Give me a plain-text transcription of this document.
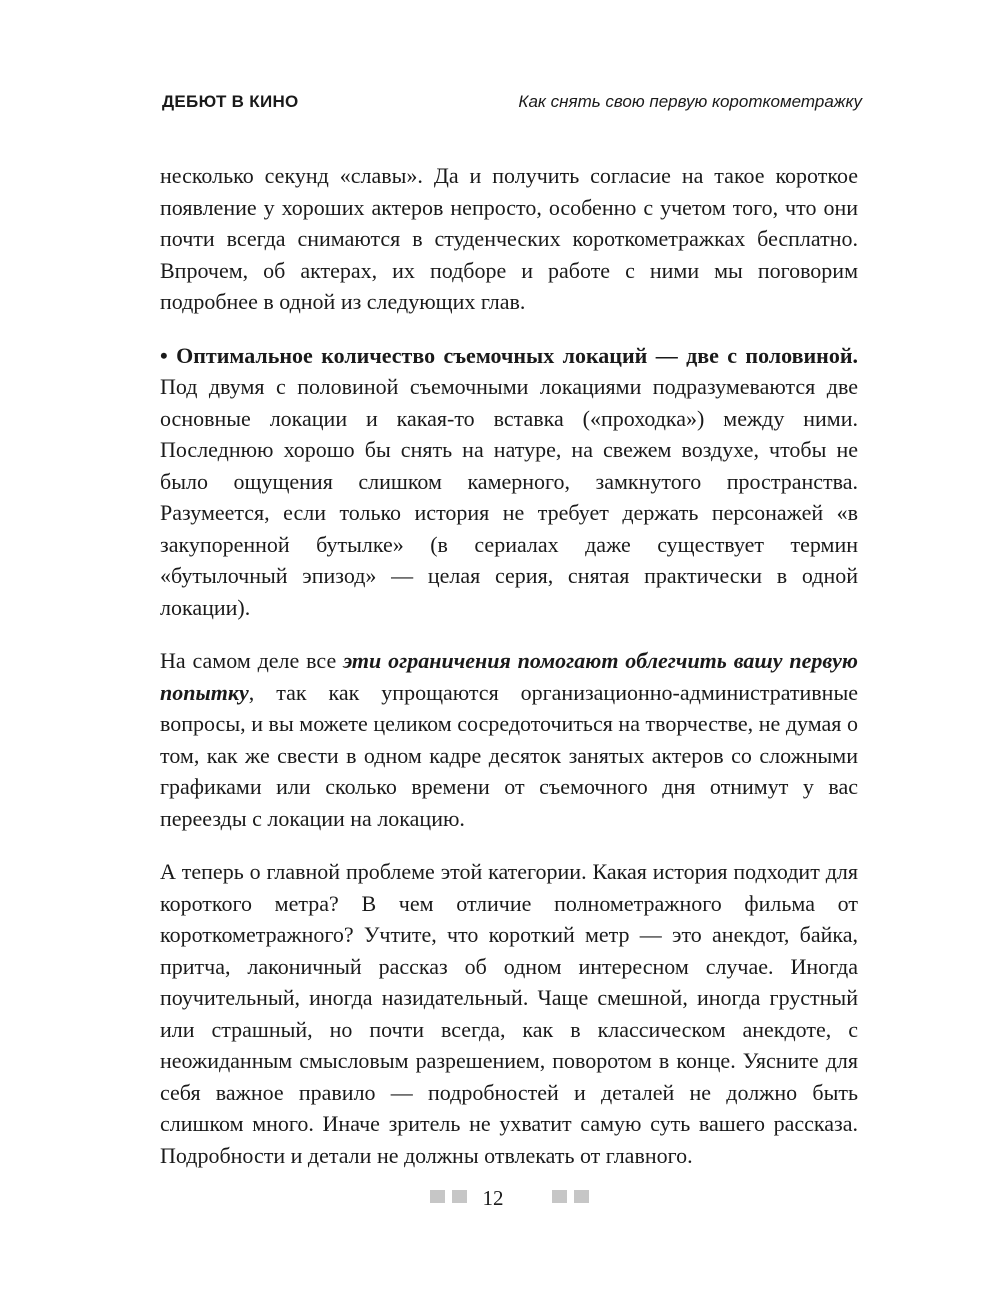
ДЕБЮТ В КИНО	Как снять свою первую короткометражку

несколько секунд «славы». Да и получить согласие на такое короткое появление у хороших актеров непросто, особенно с учетом того, что они почти всегда снимаются в студенческих короткометражках бесплатно. Впрочем, об актерах, их подборе и работе с ними мы поговорим подробнее в одной из следующих глав.

• Оптимальное количество съемочных локаций — две с половиной. Под двумя с половиной съемочными локациями подразумеваются две основные локации и какая-то вставка («проходка») между ними. Последнюю хорошо бы снять на натуре, на свежем воздухе, чтобы не было ощущения слишком камерного, замкнутого пространства. Разумеется, если только история не требует держать персонажей «в закупоренной бутылке» (в сериалах даже существует термин «бутылочный эпизод» — целая серия, снятая практически в одной локации).

На самом деле все эти ограничения помогают облегчить вашу первую попытку, так как упрощаются организационно-административные вопросы, и вы можете целиком сосредоточиться на творчестве, не думая о том, как же свести в одном кадре десяток занятых актеров со сложными графиками или сколько времени от съемочного дня отнимут у вас переезды с локации на локацию.

А теперь о главной проблеме этой категории. Какая история подходит для короткого метра? В чем отличие полнометражного фильма от короткометражного? Учтите, что короткий метр — это анекдот, байка, притча, лаконичный рассказ об одном интересном случае. Иногда поучительный, иногда назидательный. Чаще смешной, иногда грустный или страшный, но почти всегда, как в классическом анекдоте, с неожиданным смысловым разрешением, поворотом в конце. Уясните для себя важное правило — подробностей и деталей не должно быть слишком много. Иначе зритель не ухватит самую суть вашего рассказа. Подробности и детали не должны отвлекать от главного.

12
